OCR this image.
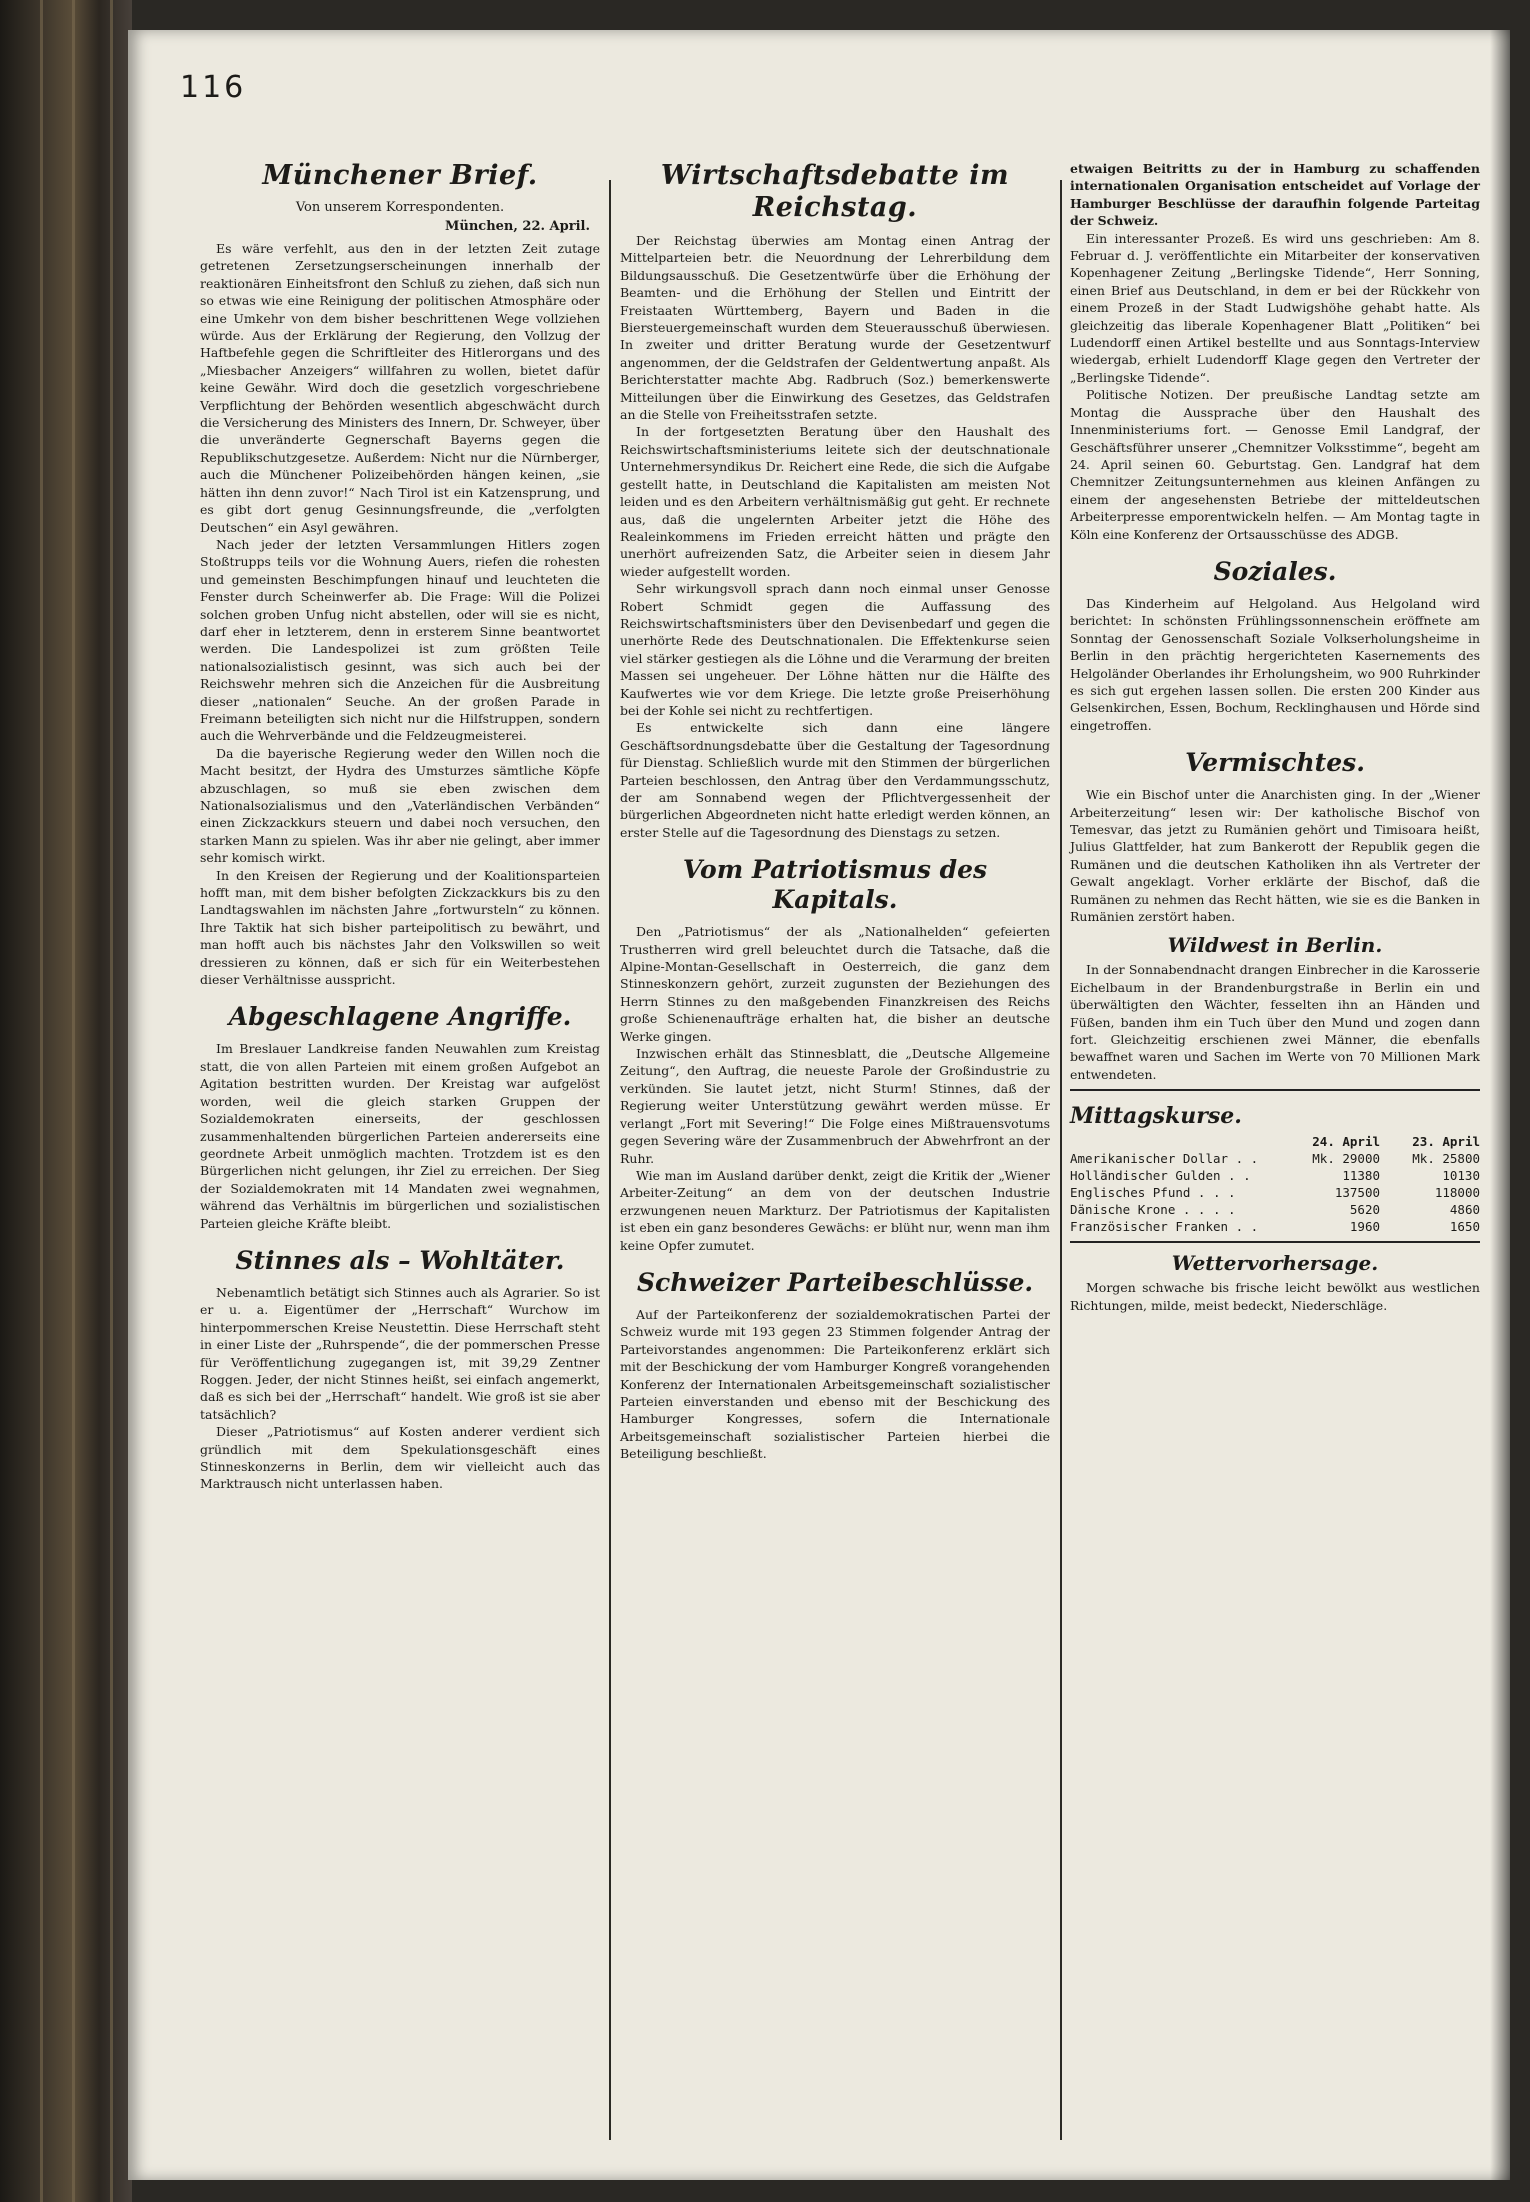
116
Münchener Brief.
Von unserem Korrespondenten.
München, 22. April.

Es wäre verfehlt, aus den in der letzten Zeit zutage getretenen Zersetzungserscheinungen innerhalb der reaktionären Einheitsfront den Schluß zu ziehen, daß sich nun so etwas wie eine Reinigung der politischen Atmosphäre oder eine Umkehr von dem bisher beschrittenen Wege vollziehen würde. Aus der Erklärung der Regierung, den Vollzug der Haftbefehle gegen die Schriftleiter des Hitlerorgans und des „Miesbacher Anzeigers“ willfahren zu wollen, bietet dafür keine Gewähr. Wird doch die gesetzlich vorgeschriebene Verpflichtung der Behörden wesentlich abgeschwächt durch die Versicherung des Ministers des Innern, Dr. Schweyer, über die unveränderte Gegnerschaft Bayerns gegen die Republikschutzgesetze. Außerdem: Nicht nur die Nürnberger, auch die Münchener Polizeibehörden hängen keinen, „sie hätten ihn denn zuvor!“ Nach Tirol ist ein Katzensprung, und es gibt dort genug Gesinnungsfreunde, die „verfolgten Deutschen“ ein Asyl gewähren.

Nach jeder der letzten Versammlungen Hitlers zogen Stoßtrupps teils vor die Wohnung Auers, riefen die rohesten und gemeinsten Beschimpfungen hinauf und leuchteten die Fenster durch Scheinwerfer ab. Die Frage: Will die Polizei solchen groben Unfug nicht abstellen, oder will sie es nicht, darf eher in letzterem, denn in ersterem Sinne beantwortet werden. Die Landespolizei ist zum größten Teile nationalsozialistisch gesinnt, was sich auch bei der Reichswehr mehren sich die Anzeichen für die Ausbreitung dieser „nationalen“ Seuche. An der großen Parade in Freimann beteiligten sich nicht nur die Hilfstruppen, sondern auch die Wehrverbände und die Feldzeugmeisterei.

Da die bayerische Regierung weder den Willen noch die Macht besitzt, der Hydra des Umsturzes sämtliche Köpfe abzuschlagen, so muß sie eben zwischen dem Nationalsozialismus und den „Vaterländischen Verbänden“ einen Zickzackkurs steuern und dabei noch versuchen, den starken Mann zu spielen. Was ihr aber nie gelingt, aber immer sehr komisch wirkt.

In den Kreisen der Regierung und der Koalitionsparteien hofft man, mit dem bisher befolgten Zickzackkurs bis zu den Landtagswahlen im nächsten Jahre „fortwursteln“ zu können. Ihre Taktik hat sich bisher parteipolitisch zu bewährt, und man hofft auch bis nächstes Jahr den Volkswillen so weit dressieren zu können, daß er sich für ein Weiterbestehen dieser Verhältnisse ausspricht.

Abgeschlagene Angriffe.

Im Breslauer Landkreise fanden Neuwahlen zum Kreistag statt, die von allen Parteien mit einem großen Aufgebot an Agitation bestritten wurden. Der Kreistag war aufgelöst worden, weil die gleich starken Gruppen der Sozialdemokraten einerseits, der geschlossen zusammenhaltenden bürgerlichen Parteien andererseits eine geordnete Arbeit unmöglich machten. Trotzdem ist es den Bürgerlichen nicht gelungen, ihr Ziel zu erreichen. Der Sieg der Sozialdemokraten mit 14 Mandaten zwei wegnahmen, während das Verhältnis im bürgerlichen und sozialistischen Parteien gleiche Kräfte bleibt.

Stinnes als – Wohltäter.

Nebenamtlich betätigt sich Stinnes auch als Agrarier. So ist er u. a. Eigentümer der „Herrschaft“ Wurchow im hinterpommerschen Kreise Neustettin. Diese Herrschaft steht in einer Liste der „Ruhrspende“, die der pommerschen Presse für Veröffentlichung zugegangen ist, mit 39,29 Zentner Roggen. Jeder, der nicht Stinnes heißt, sei einfach angemerkt, daß es sich bei der „Herrschaft“ handelt. Wie groß ist sie aber tatsächlich?

Dieser „Patriotismus“ auf Kosten anderer verdient sich gründlich mit dem Spekulationsgeschäft eines Stinneskonzerns in Berlin, dem wir vielleicht auch das Marktrausch nicht unterlassen haben.

Wirtschaftsdebatte im Reichstag.

Der Reichstag überwies am Montag einen Antrag der Mittelparteien betr. die Neuordnung der Lehrerbildung dem Bildungsausschuß. Die Gesetzentwürfe über die Erhöhung der Beamten- und die Erhöhung der Stellen und Eintritt der Freistaaten Württemberg, Bayern und Baden in die Biersteuergemeinschaft wurden dem Steuerausschuß überwiesen. In zweiter und dritter Beratung wurde der Gesetzentwurf angenommen, der die Geldstrafen der Geldentwertung anpaßt. Als Berichterstatter machte Abg. Radbruch (Soz.) bemerkenswerte Mitteilungen über die Einwirkung des Gesetzes, das Geldstrafen an die Stelle von Freiheitsstrafen setzte.

In der fortgesetzten Beratung über den Haushalt des Reichswirtschaftsministeriums leitete sich der deutschnationale Unternehmersyndikus Dr. Reichert eine Rede, die sich die Aufgabe gestellt hatte, in Deutschland die Kapitalisten am meisten Not leiden und es den Arbeitern verhältnismäßig gut geht. Er rechnete aus, daß die ungelernten Arbeiter jetzt die Höhe des Realeinkommens im Frieden erreicht hätten und prägte den unerhört aufreizenden Satz, die Arbeiter seien in diesem Jahr wieder aufgestellt worden.

Sehr wirkungsvoll sprach dann noch einmal unser Genosse Robert Schmidt gegen die Auffassung des Reichswirtschaftsministers über den Devisenbedarf und gegen die unerhörte Rede des Deutschnationalen. Die Effektenkurse seien viel stärker gestiegen als die Löhne und die Verarmung der breiten Massen sei ungeheuer. Der Löhne hätten nur die Hälfte des Kaufwertes wie vor dem Kriege. Die letzte große Preiserhöhung bei der Kohle sei nicht zu rechtfertigen.

Es entwickelte sich dann eine längere Geschäftsordnungsdebatte über die Gestaltung der Tagesordnung für Dienstag. Schließlich wurde mit den Stimmen der bürgerlichen Parteien beschlossen, den Antrag über den Verdammungsschutz, der am Sonnabend wegen der Pflichtvergessenheit der bürgerlichen Abgeordneten nicht hatte erledigt werden können, an erster Stelle auf die Tagesordnung des Dienstags zu setzen.

Vom Patriotismus des Kapitals.

Den „Patriotismus“ der als „Nationalhelden“ gefeierten Trustherren wird grell beleuchtet durch die Tatsache, daß die Alpine-Montan-Gesellschaft in Oesterreich, die ganz dem Stinneskonzern gehört, zurzeit zugunsten der Beziehungen des Herrn Stinnes zu den maßgebenden Finanzkreisen des Reichs große Schienenaufträge erhalten hat, die bisher an deutsche Werke gingen.

Inzwischen erhält das Stinnesblatt, die „Deutsche Allgemeine Zeitung“, den Auftrag, die neueste Parole der Großindustrie zu verkünden. Sie lautet jetzt, nicht Sturm! Stinnes, daß der Regierung weiter Unterstützung gewährt werden müsse. Er verlangt „Fort mit Severing!“ Die Folge eines Mißtrauensvotums gegen Severing wäre der Zusammenbruch der Abwehrfront an der Ruhr.

Wie man im Ausland darüber denkt, zeigt die Kritik der „Wiener Arbeiter-Zeitung“ an dem von der deutschen Industrie erzwungenen neuen Markturz. Der Patriotismus der Kapitalisten ist eben ein ganz besonderes Gewächs: er blüht nur, wenn man ihm keine Opfer zumutet.

Schweizer Parteibeschlüsse.

Auf der Parteikonferenz der sozialdemokratischen Partei der Schweiz wurde mit 193 gegen 23 Stimmen folgender Antrag der Parteivorstandes angenommen: Die Parteikonferenz erklärt sich mit der Beschickung der vom Hamburger Kongreß vorangehenden Konferenz der Internationalen Arbeitsgemeinschaft sozialistischer Parteien einverstanden und ebenso mit der Beschickung des Hamburger Kongresses, sofern die Internationale Arbeitsgemeinschaft sozialistischer Parteien hierbei die Beteiligung beschließt.

etwaigen Beitritts zu der in Hamburg zu schaffenden internationalen Organisation entscheidet auf Vorlage der Hamburger Beschlüsse der daraufhin folgende Parteitag der Schweiz.

Ein interessanter Prozeß. Es wird uns geschrieben: Am 8. Februar d. J. veröffentlichte ein Mitarbeiter der konservativen Kopenhagener Zeitung „Berlingske Tidende“, Herr Sonning, einen Brief aus Deutschland, in dem er bei der Rückkehr von einem Prozeß in der Stadt Ludwigshöhe gehabt hatte. Als gleichzeitig das liberale Kopenhagener Blatt „Politiken“ bei Ludendorff einen Artikel bestellte und aus Sonntags-Interview wiedergab, erhielt Ludendorff Klage gegen den Vertreter der „Berlingske Tidende“.

Politische Notizen. Der preußische Landtag setzte am Montag die Aussprache über den Haushalt des Innenministeriums fort. — Genosse Emil Landgraf, der Geschäftsführer unserer „Chemnitzer Volksstimme“, begeht am 24. April seinen 60. Geburtstag. Gen. Landgraf hat dem Chemnitzer Zeitungsunternehmen aus kleinen Anfängen zu einem der angesehensten Betriebe der mitteldeutschen Arbeiterpresse emporentwickeln helfen. — Am Montag tagte in Köln eine Konferenz der Ortsausschüsse des ADGB.

Soziales.

Das Kinderheim auf Helgoland. Aus Helgoland wird berichtet: In schönsten Frühlingssonnenschein eröffnete am Sonntag der Genossenschaft Soziale Volkserholungsheime in Berlin in den prächtig hergerichteten Kasernements des Helgoländer Oberlandes ihr Erholungsheim, wo 900 Ruhrkinder es sich gut ergehen lassen sollen. Die ersten 200 Kinder aus Gelsenkirchen, Essen, Bochum, Recklinghausen und Hörde sind eingetroffen.

Vermischtes.

Wie ein Bischof unter die Anarchisten ging. In der „Wiener Arbeiterzeitung“ lesen wir: Der katholische Bischof von Temesvar, das jetzt zu Rumänien gehört und Timisoara heißt, Julius Glattfelder, hat zum Bankerott der Republik gegen die Rumänen und die deutschen Katholiken ihn als Vertreter der Gewalt angeklagt. Vorher erklärte der Bischof, daß die Rumänen zu nehmen das Recht hätten, wie sie es die Banken in Rumänien zerstört haben.

Wildwest in Berlin.

In der Sonnabendnacht drangen Einbrecher in die Karosserie Eichelbaum in der Brandenburgstraße in Berlin ein und überwältigten den Wächter, fesselten ihn an Händen und Füßen, banden ihm ein Tuch über den Mund und zogen dann fort. Gleichzeitig erschienen zwei Männer, die ebenfalls bewaffnet waren und Sachen im Werte von 70 Millionen Mark entwendeten.

Mittagskurse.
24. April	23. April
Amerikanischer Dollar . .	Mk. 29000	Mk. 25800
Holländischer Gulden . .	11380	10130
Englisches Pfund . . .	137500	118000
Dänische Krone . . . .	5620	4860
Französischer Franken . .	1960	1650
Wettervorhersage.

Morgen schwache bis frische leicht bewölkt aus westlichen Richtungen, milde, meist bedeckt, Niederschläge.
